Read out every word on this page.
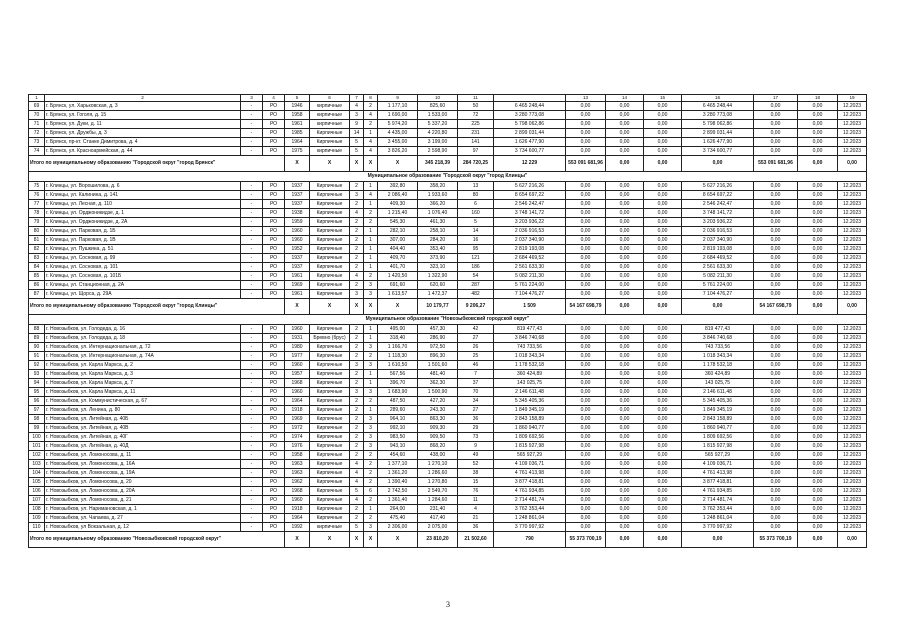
1	2	3	4	5	6	7	8	9	10	11		13	14	15	16	17	18	19
69	г. Брянск, ул. Харьковская, д. 3	-	РО	1946	кирпичные	4	2	1 177,10	825,60	50	6 465 248,44	0,00	0,00	0,00	6 465 248,44	0,00	0,00	12.2023
70	г. Брянск, ул. Гоголя, д. 15	-	РО	1958	кирпичные	3	4	1 690,00	1 533,00	72	3 280 773,08	0,00	0,00	0,00	3 280 773,08	0,00	0,00	12.2023
71	г. Брянск, ул. Дуки, д. 11	-	РО	1961	кирпичные	9	2	5 974,20	5 337,20	225	5 798 062,86	0,00	0,00	0,00	5 798 062,86	0,00	0,00	12.2023
72	г. Брянск, ул. Дружбы, д. 3	-	РО	1985	Кирпичные	14	1	4 435,00	4 220,80	231	2 899 031,44	0,00	0,00	0,00	2 899 031,44	0,00	0,00	12.2023
73	г. Брянск, пр-кт. Станке Димитрова, д. 4	-	РО	1964	Кирпичные	5	4	3 455,00	3 199,00	141	1 626 477,90	0,00	0,00	0,00	1 626 477,90	0,00	0,00	12.2023
74	г. Брянск, ул. Красноармейская, д. 44	-	РО	1975	кирпичные	5	4	3 826,20	2 598,90	97	3 734 600,77	0,00	0,00	0,00	3 734 600,77	0,00	0,00	12.2023
Итого по муниципальному образованию "Городской округ "город Брянск"				X	X	X	X	X	345 218,39	284 720,25	12 229	553 091 681,96	0,00	0,00	0,00	553 091 681,96	0,00	0,00
Муниципальное образование "Городской округ "город Клинцы"																		
75	г. Клинцы, ул. Ворошилова, д. 6	-	РО	1937	Кирпичные	2	1	392,80	358,20	13	5 627 216,26	0,00	0,00	0,00	5 627 216,26	0,00	0,00	12.2023
76	г. Клинцы, ул. Калинина, д. 141	-	РО	1937	Кирпичные	3	4	2 086,40	1 933,60	80	8 654 697,22	0,00	0,00	0,00	8 654 697,22	0,00	0,00	12.2023
77	г. Клинцы, ул. Лесная, д. 110	-	РО	1937	Кирпичные	2	1	409,30	366,20	6	2 546 242,47	0,00	0,00	0,00	2 546 242,47	0,00	0,00	12.2023
78	г. Клинцы, ул. Орджоникидзе, д. 1	-	РО	1938	Кирпичные	4	2	1 215,40	1 076,40	160	3 748 141,72	0,00	0,00	0,00	3 748 141,72	0,00	0,00	12.2023
79	г. Клинцы, ул. Орджоникидзе, д. 2А	-	РО	1959	Кирпичные	2	2	545,30	461,30	5	3 203 936,22	0,00	0,00	0,00	3 203 936,22	0,00	0,00	12.2023
80	г. Клинцы, ул. Парковая, д. 1Б	-	РО	1960	Кирпичные	2	1	282,10	258,10	14	2 036 916,53	0,00	0,00	0,00	2 036 916,53	0,00	0,00	12.2023
81	г. Клинцы, ул. Парковая, д. 1В	-	РО	1960	Кирпичные	2	1	307,00	284,20	16	2 037 340,90	0,00	0,00	0,00	2 037 340,90	0,00	0,00	12.2023
82	г. Клинцы, ул. Пушкина, д. 51	-	РО	1952	Кирпичные	2	1	404,40	353,40	95	2 819 193,08	0,00	0,00	0,00	2 819 193,08	0,00	0,00	12.2023
83	г. Клинцы, ул. Сосновая, д. 99	-	РО	1937	Кирпичные	2	1	409,70	373,90	121	2 684 469,52	0,00	0,00	0,00	2 684 469,52	0,00	0,00	12.2023
84	г. Клинцы, ул. Сосновая, д. 101	-	РО	1937	Кирпичные	2	1	401,70	323,10	186	2 561 633,30	0,00	0,00	0,00	2 561 633,30	0,00	0,00	12.2023
85	г. Клинцы, ул. Сосновая, д. 101Б	-	РО	1961	Кирпичные	4	2	1 420,50	1 322,90	54	5 082 211,30	0,00	0,00	0,00	5 082 211,30	0,00	0,00	12.2023
86	г. Клинцы, ул. Станционная, д. 2А	-	РО	1969	Кирпичные	2	3	691,60	620,60	287	5 761 224,00	0,00	0,00	0,00	5 761 224,00	0,00	0,00	12.2023
87	г. Клинцы, ул. Щорса, д. 29А	-	РО	1961	Кирпичные	3	3	1 613,57	1 472,37	482	7 104 476,27	0,00	0,00	0,00	7 104 476,27	0,00	0,00	12.2023
Итого по муниципальному образованию "Городской округ "город Клинцы"				X	X	X	X	X	10 179,77	9 206,27	1 509	54 167 698,79	0,00	0,00	0,00	54 167 698,79	0,00	0,00
Муниципальное образование "Новозыбковский городской округ"																		
88	г. Новозыбков, ул. Голодеда, д. 16	-	РО	1960	Кирпичные	2	1	495,00	457,30	42	819 477,43	0,00	0,00	0,00	819 477,43	0,00	0,00	12.2023
89	г. Новозыбков, ул. Голодеда, д. 18	-	РО	1931	Бревно (брус)	2	1	318,40	286,90	27	3 846 740,68	0,00	0,00	0,00	3 846 740,68	0,00	0,00	12.2023
90	г. Новозыбков, ул. Интернациональная, д. 72	-	РО	1980	Кирпичные	2	3	1 166,70	972,50	26	743 733,56	0,00	0,00	0,00	743 733,56	0,00	0,00	12.2023
91	г. Новозыбков, ул. Интернациональная, д. 74А	-	РО	1977	Кирпичные	2	2	1 118,30	896,30	25	1 018 343,34	0,00	0,00	0,00	1 018 343,34	0,00	0,00	12.2023
92	г. Новозыбков, ул. Карла Маркса, д. 2	-	РО	1960	Кирпичные	3	3	1 610,50	1 501,60	46	1 178 532,18	0,00	0,00	0,00	1 178 532,18	0,00	0,00	12.2023
93	г. Новозыбков, ул. Карла Маркса, д. 3	-	РО	1957	Кирпичные	2	1	567,56	481,40	7	360 424,89	0,00	0,00	0,00	360 424,89	0,00	0,00	12.2023
94	г. Новозыбков, ул. Карла Маркса, д. 7	-	РО	1968	Кирпичные	2	1	396,70	362,30	37	143 025,75	0,00	0,00	0,00	143 025,75	0,00	0,00	12.2023
95	г. Новозыбков, ул. Карла Маркса, д. 11	-	РО	1960	Кирпичные	3	3	1 683,90	1 500,90	70	2 146 611,48	0,00	0,00	0,00	2 146 611,48	0,00	0,00	12.2023
96	г. Новозыбков, ул. Коммунистическая, д. 67	-	РО	1964	Кирпичные	2	2	487,50	427,20	34	5 345 405,36	0,00	0,00	0,00	5 345 405,36	0,00	0,00	12.2023
97	г. Новозыбков, ул. Ленина, д. 80	-	РО	1918	Кирпичные	2	1	289,60	243,30	27	1 849 345,19	0,00	0,00	0,00	1 849 345,19	0,00	0,00	12.2023
98	г. Новозыбков, ул. Литейная, д. 40Б	-	РО	1969	Кирпичные	2	3	964,10	863,30	36	2 843 158,89	0,00	0,00	0,00	2 843 158,89	0,00	0,00	12.2023
99	г. Новозыбков, ул. Литейная, д. 40В	-	РО	1972	Кирпичные	2	3	992,10	909,30	29	1 860 940,77	0,00	0,00	0,00	1 860 940,77	0,00	0,00	12.2023
100	г. Новозыбков, ул. Литейная, д. 40Г	-	РО	1974	Кирпичные	2	3	983,50	909,50	73	1 809 692,56	0,00	0,00	0,00	1 809 692,56	0,00	0,00	12.2023
101	г. Новозыбков, ул. Литейная, д. 40Д	-	РО	1976	Кирпичные	2	3	943,10	868,20	9	1 815 927,98	0,00	0,00	0,00	1 815 927,98	0,00	0,00	12.2023
102	г. Новозыбков, ул. Ломоносова, д. 11	-	РО	1958	Кирпичные	2	2	454,60	438,00	49	565 927,29	0,00	0,00	0,00	565 927,29	0,00	0,00	12.2023
103	г. Новозыбков, ул. Ломоносова, д. 16А	-	РО	1963	Кирпичные	4	2	1 377,10	1 270,10	52	4 109 036,71	0,00	0,00	0,00	4 109 036,71	0,00	0,00	12.2023
104	г. Новозыбков, ул. Ломоносова, д. 19А	-	РО	1963	Кирпичные	4	2	1 361,20	1 286,60	38	4 761 413,98	0,00	0,00	0,00	4 761 413,98	0,00	0,00	12.2023
105	г. Новозыбков, ул. Ломоносова, д. 20	-	РО	1962	Кирпичные	4	2	1 390,40	1 270,80	15	3 877 418,81	0,00	0,00	0,00	3 877 418,81	0,00	0,00	12.2023
106	г. Новозыбков, ул. Ломоносова, д. 20А	-	РО	1968	Кирпичные	5	6	2 742,50	2 549,70	76	4 761 934,85	0,00	0,00	0,00	4 761 934,85	0,00	0,00	12.2023
107	г. Новозыбков, ул. Ломоносова, д. 21	-	РО	1960	Кирпичные	4	2	1 361,40	1 284,60	11	2 714 481,74	0,00	0,00	0,00	2 714 481,74	0,00	0,00	12.2023
108	г. Новозыбков, ул. Наримановская, д. 1	-	РО	1918	Кирпичные	2	1	264,00	231,40	4	3 762 353,44	0,00	0,00	0,00	3 762 353,44	0,00	0,00	12.2023
109	г. Новозыбков, ул. Чапаева, д. 27	-	РО	1964	Кирпичные	2	2	475,40	417,40	21	1 248 861,04	0,00	0,00	0,00	1 248 861,04	0,00	0,00	12.2023
110	г. Новозыбков, ул Вокзальная, д. 12	-	РО	1992	кирпичные	5	3	2 306,00	2 075,00	36	3 770 997,92	0,00	0,00	0,00	3 770 997,92	0,00	0,00	12.2023
Итого по муниципальному образованию "Новозыбковский городской округ"				X	X	X	X	X	23 810,20	21 502,60	790	55 373 700,19	0,00	0,00	0,00	55 373 700,19	0,00	0,00
3
